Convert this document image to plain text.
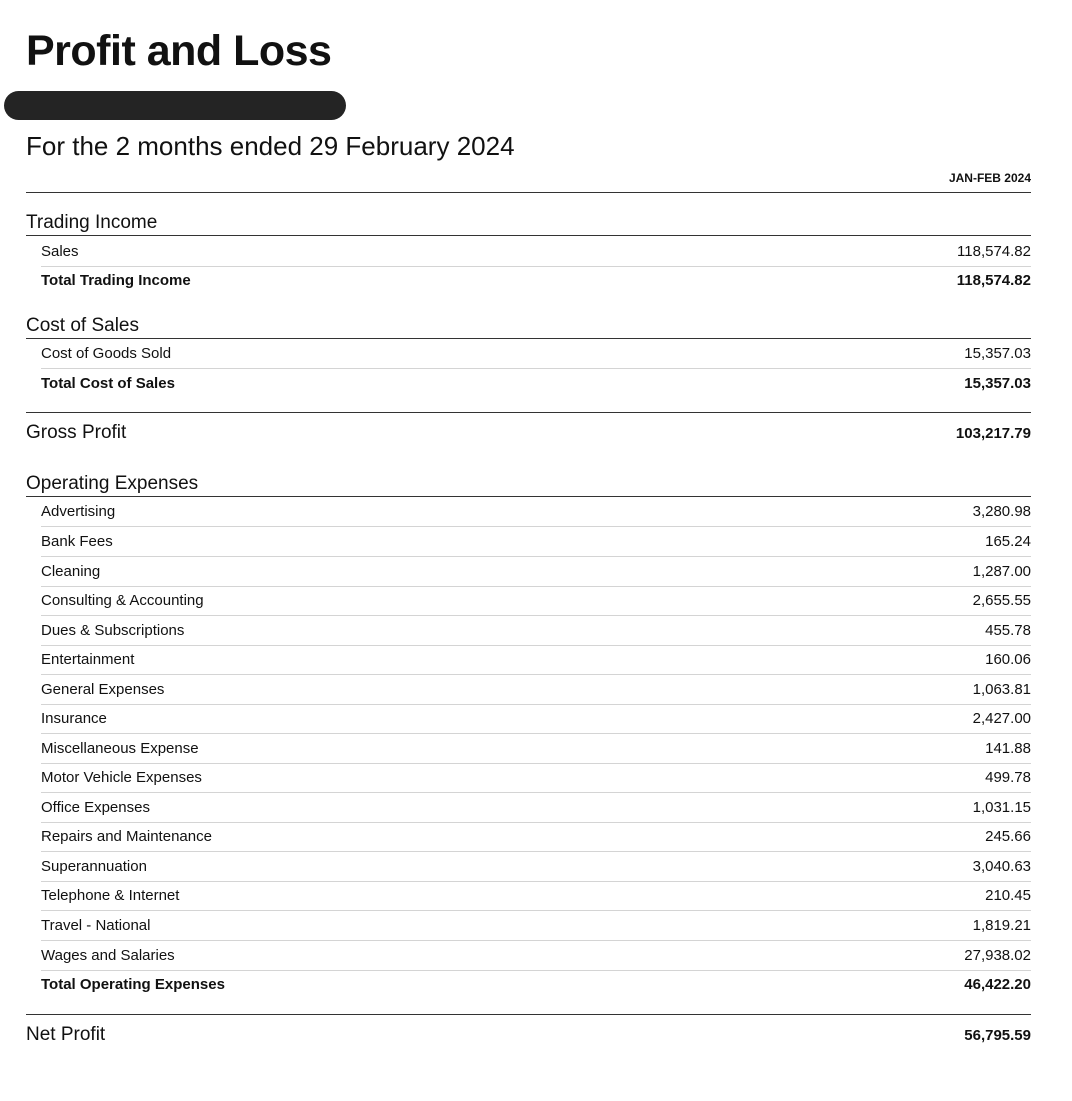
Profit and Loss
For the 2 months ended 29 February 2024
JAN-FEB 2024
Trading Income
Sales	118,574.82
Total Trading Income	118,574.82
Cost of Sales
Cost of Goods Sold	15,357.03
Total Cost of Sales	15,357.03
Gross Profit	103,217.79
Operating Expenses
Advertising	3,280.98
Bank Fees	165.24
Cleaning	1,287.00
Consulting & Accounting	2,655.55
Dues & Subscriptions	455.78
Entertainment	160.06
General Expenses	1,063.81
Insurance	2,427.00
Miscellaneous Expense	141.88
Motor Vehicle Expenses	499.78
Office Expenses	1,031.15
Repairs and Maintenance	245.66
Superannuation	3,040.63
Telephone & Internet	210.45
Travel - National	1,819.21
Wages and Salaries	27,938.02
Total Operating Expenses	46,422.20
Net Profit	56,795.59
